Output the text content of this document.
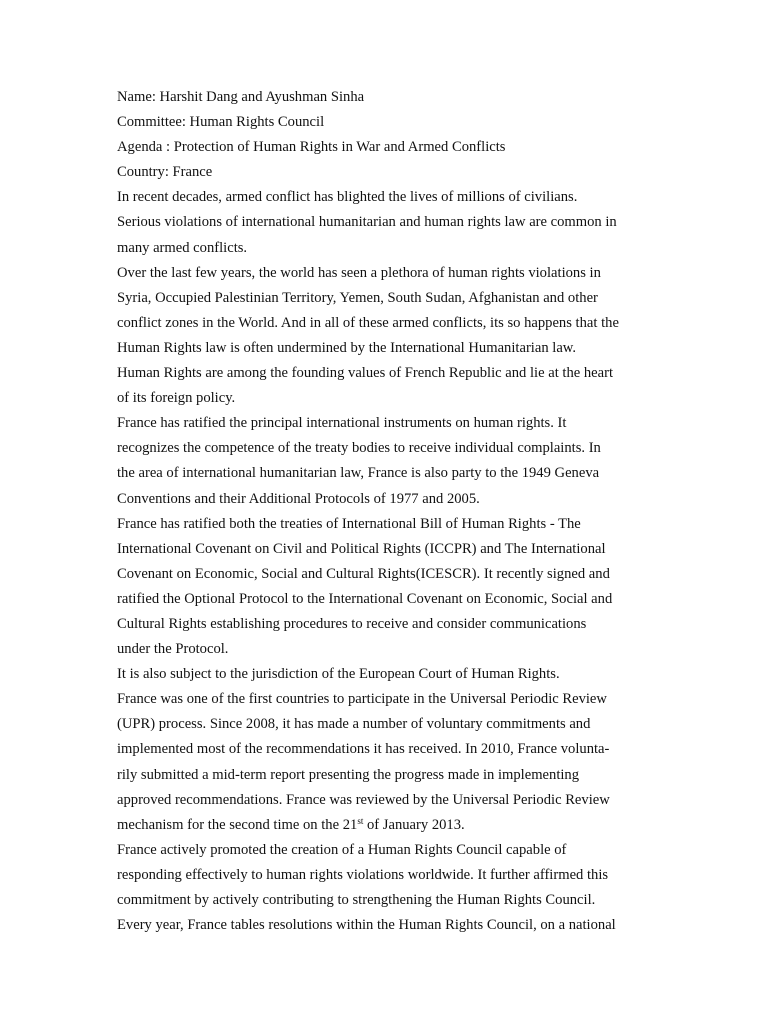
Name: Harshit Dang and Ayushman Sinha
Committee: Human Rights Council
Agenda : Protection of Human Rights in War and Armed Conflicts
Country: France
In recent decades, armed conflict has blighted the lives of millions of civilians.
Serious violations of international humanitarian and human rights law are common in
many armed conflicts.
Over the last few years, the world has seen a plethora of human rights violations in
Syria, Occupied Palestinian Territory, Yemen, South Sudan, Afghanistan and other
conflict zones in the World. And in all of these armed conflicts, its so happens that the
Human Rights law is often undermined by the International Humanitarian law.
Human Rights are among the founding values of French Republic and lie at the heart
of its foreign policy.
France has ratified the principal international instruments on human rights. It
recognizes the competence of the treaty bodies to receive individual complaints. In
the area of international humanitarian law, France is also party to the 1949 Geneva
Conventions and their Additional Protocols of 1977 and 2005.
France has ratified both the treaties of International Bill of Human Rights - The
International Covenant on Civil and Political Rights (ICCPR) and The International
Covenant on Economic, Social and Cultural Rights(ICESCR). It recently signed and
ratified the Optional Protocol to the International Covenant on Economic, Social and
Cultural Rights establishing procedures to receive and consider communications
under the Protocol.
It is also subject to the jurisdiction of the European Court of Human Rights.
France was one of the first countries to participate in the Universal Periodic Review
(UPR) process. Since 2008, it has made a number of voluntary commitments and
implemented most of the recommendations it has received. In 2010, France volunta-
rily submitted a mid-term report presenting the progress made in implementing
approved recommendations. France was reviewed by the Universal Periodic Review
mechanism for the second time on the 21st of January 2013.
France actively promoted the creation of a Human Rights Council capable of
responding effectively to human rights violations worldwide. It further affirmed this
commitment by actively contributing to strengthening the Human Rights Council.
Every year, France tables resolutions within the Human Rights Council, on a national
